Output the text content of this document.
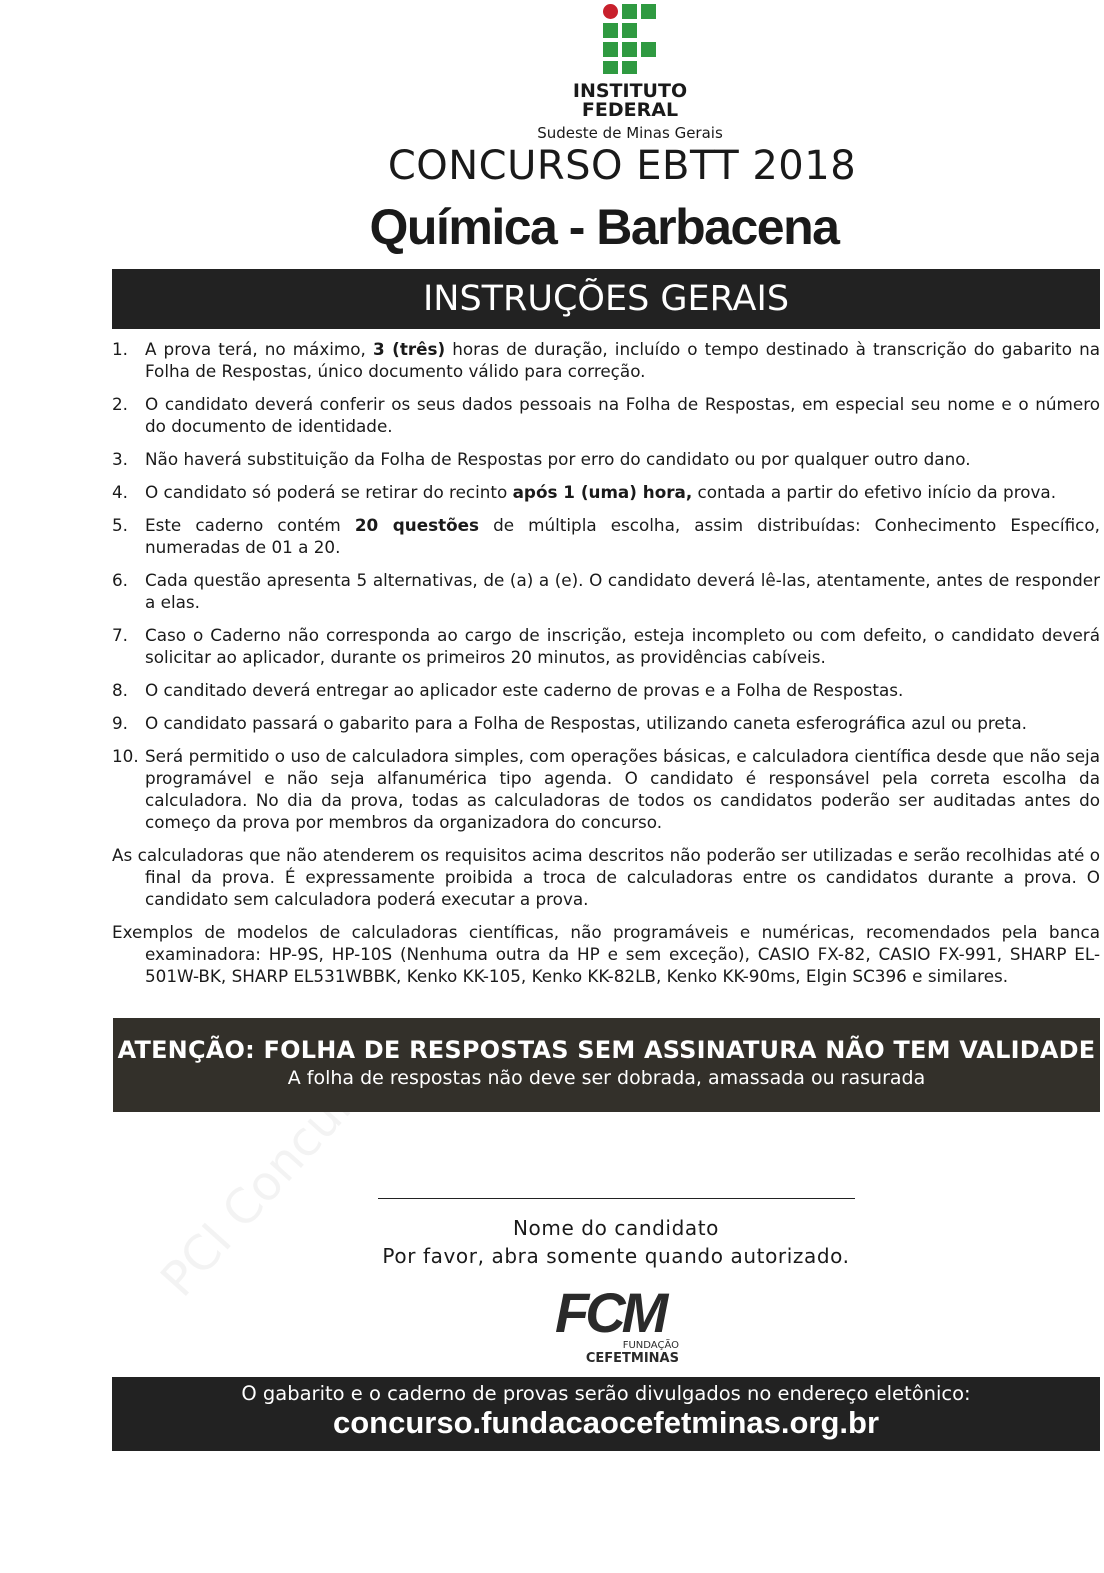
INSTITUTO
FEDERAL
Sudeste de Minas Gerais
CONCURSO EBTT 2018
Química - Barbacena
INSTRUÇÕES GERAIS
1. A prova terá, no máximo, 3 (três) horas de duração, incluído o tempo destinado à transcrição do gabarito na Folha de Respostas, único documento válido para correção.
2. O candidato deverá conferir os seus dados pessoais na Folha de Respostas, em especial seu nome e o número do documento de identidade.
3. Não haverá substituição da Folha de Respostas por erro do candidato ou por qualquer outro dano.
4. O candidato só poderá se retirar do recinto após 1 (uma) hora, contada a partir do efetivo início da prova.
5. Este caderno contém 20 questões de múltipla escolha, assim distribuídas: Conhecimento Específico, numeradas de 01 a 20.
6. Cada questão apresenta 5 alternativas, de (a) a (e). O candidato deverá lê-las, atentamente, antes de responder a elas.
7. Caso o Caderno não corresponda ao cargo de inscrição, esteja incompleto ou com defeito, o candidato deverá solicitar ao aplicador, durante os primeiros 20 minutos, as providências cabíveis.
8. O canditado deverá entregar ao aplicador este caderno de provas e a Folha de Respostas.
9. O candidato passará o gabarito para a Folha de Respostas, utilizando caneta esferográfica azul ou preta.
10. Será permitido o uso de calculadora simples, com operações básicas, e calculadora científica desde que não seja programável e não seja alfanumérica tipo agenda. O candidato é responsável pela correta escolha da calculadora. No dia da prova, todas as calculadoras de todos os candidatos poderão ser auditadas antes do começo da prova por membros da organizadora do concurso.
As calculadoras que não atenderem os requisitos acima descritos não poderão ser utilizadas e serão recolhidas até o final da prova. É expressamente proibida a troca de calculadoras entre os candidatos durante a prova. O candidato sem calculadora poderá executar a prova.
Exemplos de modelos de calculadoras científicas, não programáveis e numéricas, recomendados pela banca examinadora: HP-9S, HP-10S (Nenhuma outra da HP e sem exceção), CASIO FX-82, CASIO FX-991, SHARP EL-501W-BK, SHARP EL531WBBK, Kenko KK-105, Kenko KK-82LB, Kenko KK-90ms, Elgin SC396 e similares.
ATENÇÃO: FOLHA DE RESPOSTAS SEM ASSINATURA NÃO TEM VALIDADE
A folha de respostas não deve ser dobrada, amassada ou rasurada
Nome do candidato
Por favor, abra somente quando autorizado.
FCM
FUNDAÇÃO
CEFETMINAS
O gabarito e o caderno de provas serão divulgados no endereço eletônico:
concurso.fundacaocefetminas.org.br
